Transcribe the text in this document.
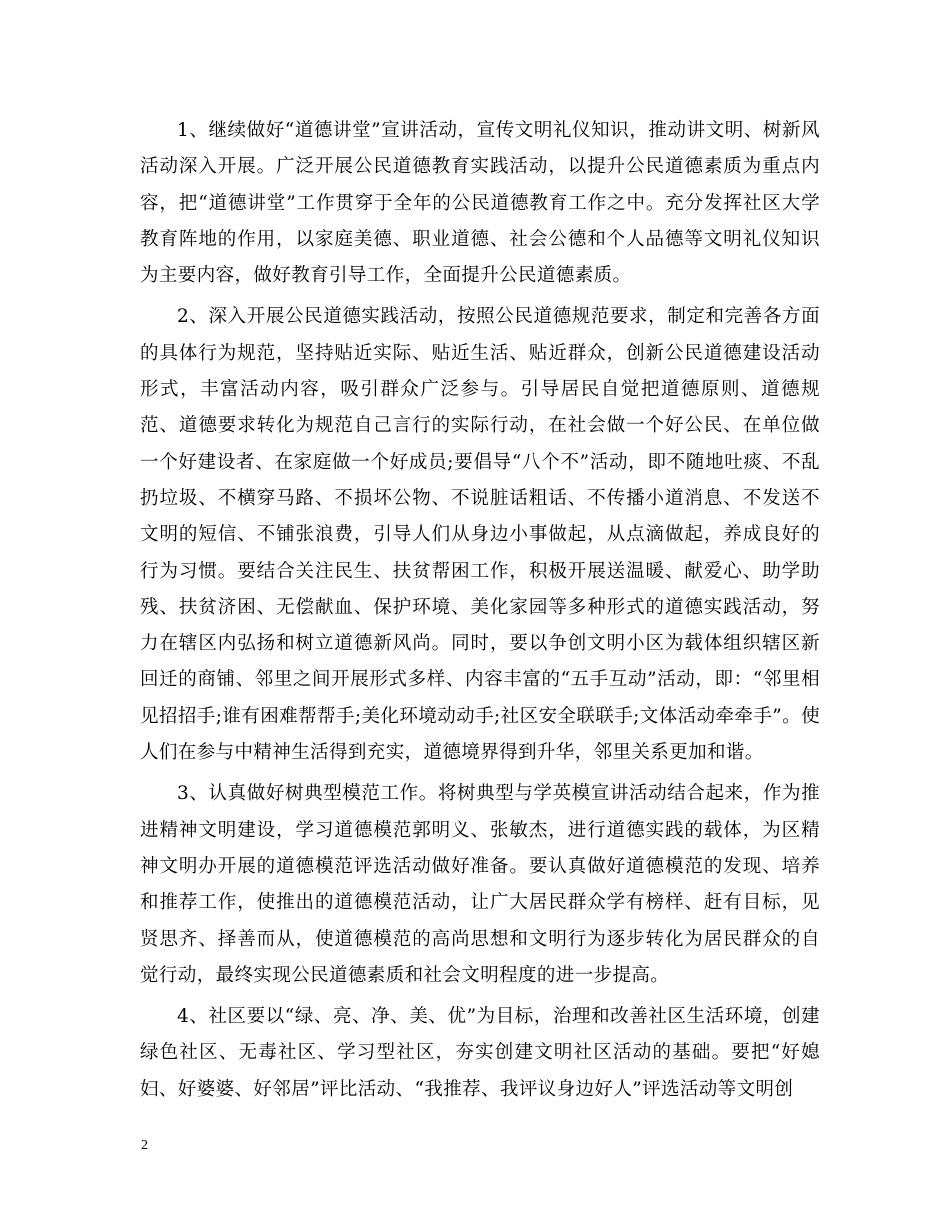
1、继续做好“道德讲堂”宣讲活动，宣传文明礼仪知识，推动讲文明、树新风活动深入开展。广泛开展公民道德教育实践活动，以提升公民道德素质为重点内容，把“道德讲堂”工作贯穿于全年的公民道德教育工作之中。充分发挥社区大学教育阵地的作用，以家庭美德、职业道德、社会公德和个人品德等文明礼仪知识为主要内容，做好教育引导工作，全面提升公民道德素质。

2、深入开展公民道德实践活动，按照公民道德规范要求，制定和完善各方面的具体行为规范，坚持贴近实际、贴近生活、贴近群众，创新公民道德建设活动形式，丰富活动内容，吸引群众广泛参与。引导居民自觉把道德原则、道德规范、道德要求转化为规范自己言行的实际行动，在社会做一个好公民、在单位做一个好建设者、在家庭做一个好成员;要倡导“八个不”活动，即不随地吐痰、不乱扔垃圾、不横穿马路、不损坏公物、不说脏话粗话、不传播小道消息、不发送不文明的短信、不铺张浪费，引导人们从身边小事做起，从点滴做起，养成良好的行为习惯。要结合关注民生、扶贫帮困工作，积极开展送温暖、献爱心、助学助残、扶贫济困、无偿献血、保护环境、美化家园等多种形式的道德实践活动，努力在辖区内弘扬和树立道德新风尚。同时，要以争创文明小区为载体组织辖区新回迁的商铺、邻里之间开展形式多样、内容丰富的“五手互动”活动，即：“邻里相见招招手;谁有困难帮帮手;美化环境动动手;社区安全联联手;文体活动牵牵手”。使人们在参与中精神生活得到充实，道德境界得到升华，邻里关系更加和谐。

3、认真做好树典型模范工作。将树典型与学英模宣讲活动结合起来，作为推进精神文明建设，学习道德模范郭明义、张敏杰，进行道德实践的载体，为区精神文明办开展的道德模范评选活动做好准备。要认真做好道德模范的发现、培养和推荐工作，使推出的道德模范活动，让广大居民群众学有榜样、赶有目标，见贤思齐、择善而从，使道德模范的高尚思想和文明行为逐步转化为居民群众的自觉行动，最终实现公民道德素质和社会文明程度的进一步提高。

4、社区要以“绿、亮、净、美、优”为目标，治理和改善社区生活环境，创建绿色社区、无毒社区、学习型社区，夯实创建文明社区活动的基础。要把“好媳妇、好婆婆、好邻居”评比活动、“我推荐、我评议身边好人”评选活动等文明创

2
